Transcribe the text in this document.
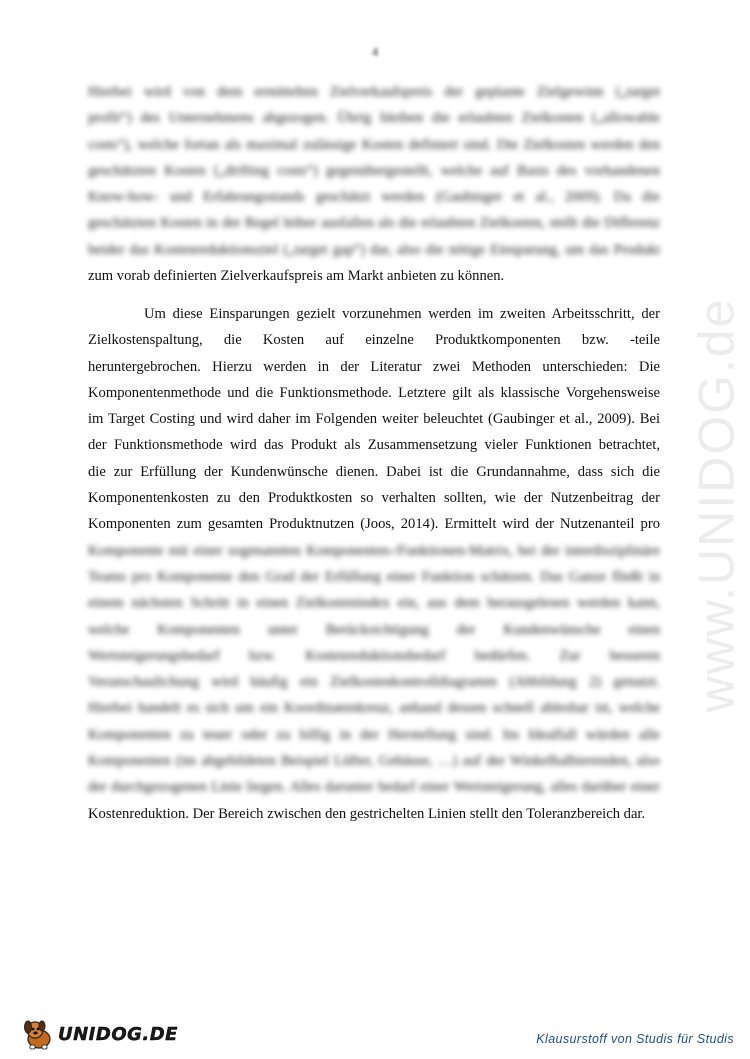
4
Hierbei wird von dem ermittelten Zielverkaufspreis der geplante Zielgewinn („target
profit“) des Unternehmens abgezogen. Übrig bleiben die erlaubten Zielkosten („allowable
costs“), welche fortan als maximal zulässige Kosten definiert sind. Die Zielkosten werden den
geschätzten Kosten („drifting costs“) gegenübergestellt, welche auf Basis des vorhandenen
Know-how- und Erfahrungsstands geschätzt werden (Gaubinger et al., 2009). Da die
geschätzten Kosten in der Regel höher ausfallen als die erlaubten Zielkosten, stellt die Differenz
beider das Kostenreduktionsziel („target gap“) dar, also die nötige Einsparung, um das Produkt
zum vorab definierten Zielverkaufspreis am Markt anbieten zu können.
Um diese Einsparungen gezielt vorzunehmen werden im zweiten Arbeitsschritt, der
Zielkostenspaltung, die Kosten auf einzelne Produktkomponenten bzw. -teile
heruntergebrochen. Hierzu werden in der Literatur zwei Methoden unterschieden: Die
Komponentenmethode und die Funktionsmethode. Letztere gilt als klassische Vorgehensweise
im Target Costing und wird daher im Folgenden weiter beleuchtet (Gaubinger et al., 2009). Bei
der Funktionsmethode wird das Produkt als Zusammensetzung vieler Funktionen betrachtet,
die zur Erfüllung der Kundenwünsche dienen. Dabei ist die Grundannahme, dass sich die
Komponentenkosten zu den Produktkosten so verhalten sollten, wie der Nutzenbeitrag der
Komponenten zum gesamten Produktnutzen (Joos, 2014). Ermittelt wird der Nutzenanteil pro
Komponente mit einer sogenannten Komponenten-/Funktionen-Matrix, bei der interdisziplinäre
Teams pro Komponente den Grad der Erfüllung einer Funktion schätzen. Das Ganze fließt in
einem nächsten Schritt in einen Zielkostenindex ein, aus dem herausgelesen werden kann,
welche Komponenten unter Berücksichtigung der Kundenwünsche einen
Wertsteigerungsbedarf bzw. Kostenreduktionsbedarf bedürfen. Zur besseren
Veranschaulichung wird häufig ein Zielkostenkontrolldiagramm (Abbildung 2) genutzt.
Hierbei handelt es sich um ein Koordinatenkreuz, anhand dessen schnell ablesbar ist, welche
Komponenten zu teuer oder zu billig in der Herstellung sind. Im Idealfall würden alle
Komponenten (im abgebildeten Beispiel Lüfter, Gehäuse, …) auf der Winkelhalbierenden, also
der durchgezogenen Linie liegen. Alles darunter bedarf einer Wertsteigerung, alles darüber einer
Kostenreduktion. Der Bereich zwischen den gestrichelten Linien stellt den Toleranzbereich dar.
www.UNIDOG.de
UNIDOG.DE	Klausurstoff von Studis für Studis
